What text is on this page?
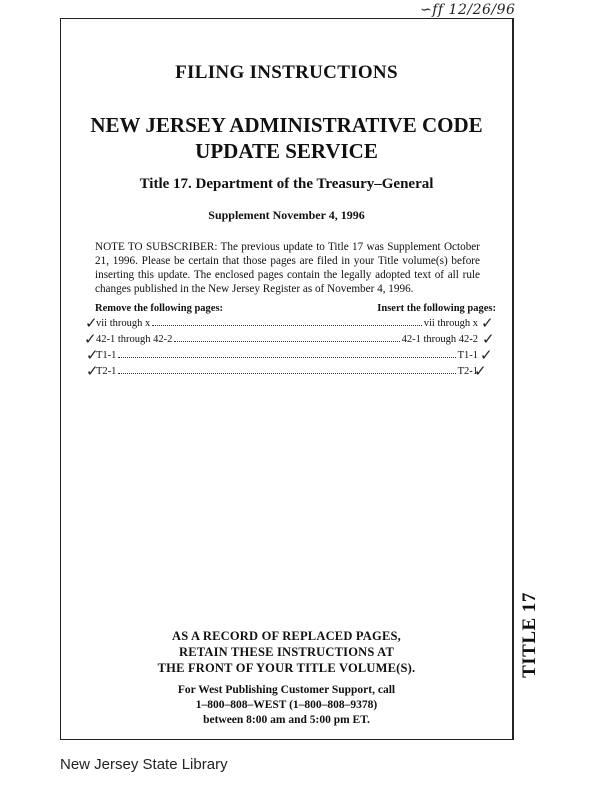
∽ff 12/26/96
FILING INSTRUCTIONS
NEW JERSEY ADMINISTRATIVE CODE
UPDATE SERVICE
Title 17. Department of the Treasury–General
Supplement November 4, 1996
NOTE TO SUBSCRIBER: The previous update to Title 17 was Supplement October 21, 1996. Please be certain that those pages are filed in your Title volume(s) before inserting this update. The enclosed pages contain the legally adopted text of all rule changes published in the New Jersey Register as of November 4, 1996.
Remove the following pages:	Insert the following pages:
vii through x	vii through x
42-1 through 42-2	42-1 through 42-2
T1-1	T1-1
T2-1	T2-1
✓
✓
✓
✓
✓
✓
✓
✓
AS A RECORD OF REPLACED PAGES,
RETAIN THESE INSTRUCTIONS AT
THE FRONT OF YOUR TITLE VOLUME(S).
For West Publishing Customer Support, call
1–800–808–WEST (1–800–808–9378)
between 8:00 am and 5:00 pm ET.
TITLE 17
New Jersey State Library
